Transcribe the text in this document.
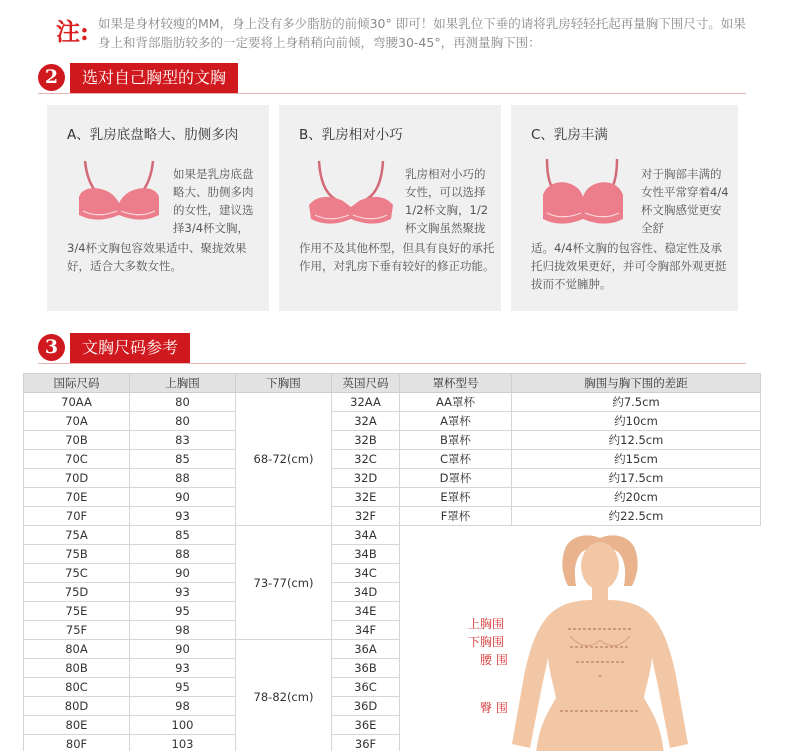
注: 如果是身材较瘦的MM，身上没有多少脂肪的前倾30° 即可！如果乳位下垂的请将乳房轻轻托起再量胸下围尺寸。如果身上和背部脂肪较多的一定要将上身稍稍向前倾，弯腰30-45°，再测量胸下围：
2	选对自己胸型的文胸
A、乳房底盘略大、肋侧多肉
如果是乳房底盘略大、肋侧多肉的女性，建议选择3/4杯文胸，
3/4杯文胸包容效果适中、聚拢效果好，适合大多数女性。
B、乳房相对小巧
乳房相对小巧的女性，可以选择1/2杯文胸，1/2杯文胸虽然聚拢
作用不及其他杯型，但具有良好的承托作用，对乳房下垂有较好的修正功能。
C、乳房丰满
对于胸部丰满的女性平常穿着4/4杯文胸感觉更安全舒
适。4/4杯文胸的包容性、稳定性及承托归拢效果更好，并可令胸部外观更挺拔而不觉臃肿。
3	文胸尺码参考
国际尺码	上胸围	下胸围	英国尺码	罩杯型号	胸围与胸下围的差距
70AA	80	68-72(cm)	32AA	AA罩杯	约7.5cm
70A	80		32A	A罩杯	约10cm
70B	83		32B	B罩杯	约12.5cm
70C	85		32C	C罩杯	约15cm
70D	88		32D	D罩杯	约17.5cm
70E	90		32E	E罩杯	约20cm
70F	93		32F	F罩杯	约22.5cm
75A	85	73-77(cm)	34A	上胸围
下胸围
腰 围
臀 围	

75B	88		34B		
75C	90		34C		
75D	93		34D		
75E	95		34E		
75F	98		34F		
80A	90	78-82(cm)	36A		
80B	93		36B		
80C	95		36C		
80D	98		36D		
80E	100		36E		
80F	103		36F		
